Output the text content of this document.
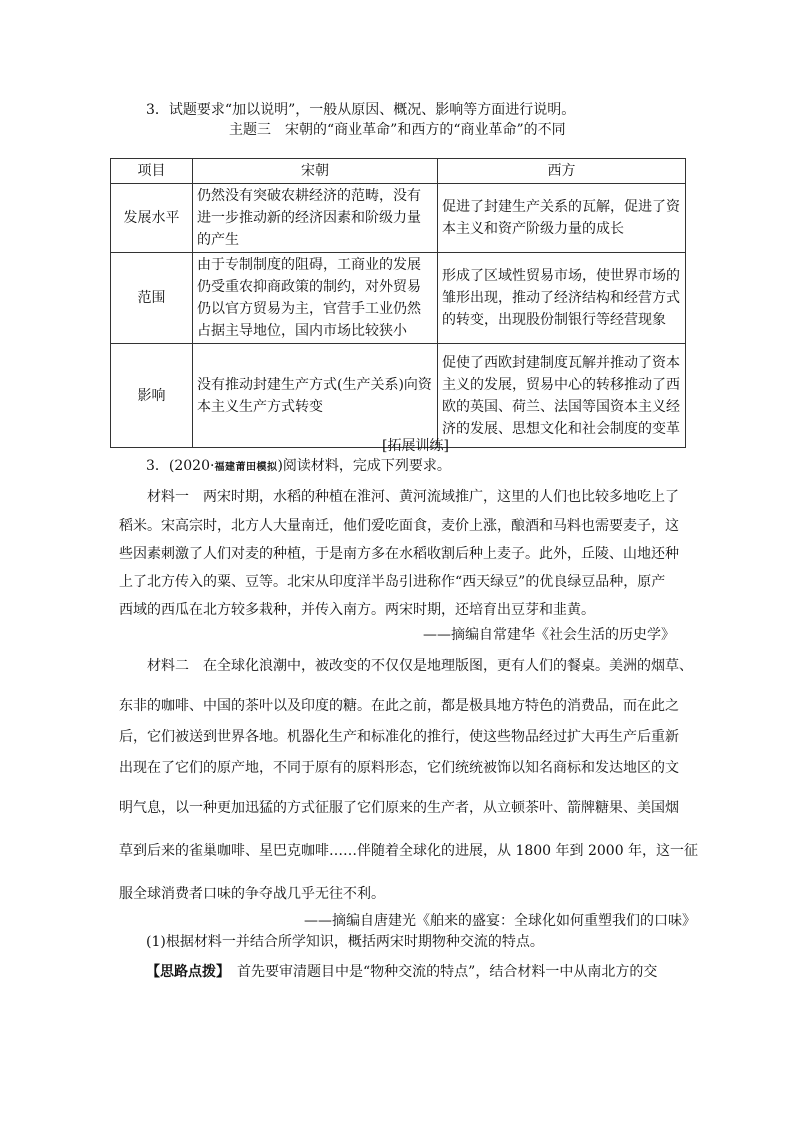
3．试题要求“加以说明”，一般从原因、概况、影响等方面进行说明。
主题三　宋朝的“商业革命”和西方的“商业革命”的不同
项目	宋朝	西方
发展水平	仍然没有突破农耕经济的范畴，没有进一步推动新的经济因素和阶级力量的产生	促进了封建生产关系的瓦解，促进了资本主义和资产阶级力量的成长
范围	由于专制制度的阻碍，工商业的发展仍受重农抑商政策的制约，对外贸易仍以官方贸易为主，官营手工业仍然占据主导地位，国内市场比较狭小	形成了区域性贸易市场，使世界市场的雏形出现，推动了经济结构和经营方式的转变，出现股份制银行等经营现象
影响	没有推动封建生产方式(生产关系)向资本主义生产方式转变	促使了西欧封建制度瓦解并推动了资本主义的发展，贸易中心的转移推动了西欧的英国、荷兰、法国等国资本主义经济的发展、思想文化和社会制度的变革
[拓展训练]
3．(2020·福建莆田模拟)阅读材料，完成下列要求。
材料一　两宋时期，水稻的种植在淮河、黄河流域推广，这里的人们也比较多地吃上了
稻米。宋高宗时，北方人大量南迁，他们爱吃面食，麦价上涨，酿酒和马料也需要麦子，这
些因素刺激了人们对麦的种植，于是南方多在水稻收割后种上麦子。此外，丘陵、山地还种
上了北方传入的粟、豆等。北宋从印度洋半岛引进称作“西天绿豆”的优良绿豆品种，原产
西域的西瓜在北方较多栽种，并传入南方。两宋时期，还培育出豆芽和韭黄。
——摘编自常建华《社会生活的历史学》
材料二　在全球化浪潮中，被改变的不仅仅是地理版图，更有人们的餐桌。美洲的烟草、
东非的咖啡、中国的茶叶以及印度的糖。在此之前，都是极具地方特色的消费品，而在此之
后，它们被送到世界各地。机器化生产和标准化的推行，使这些物品经过扩大再生产后重新
出现在了它们的原产地，不同于原有的原料形态，它们统统被饰以知名商标和发达地区的文
明气息，以一种更加迅猛的方式征服了它们原来的生产者，从立顿茶叶、箭牌糖果、美国烟
草到后来的雀巢咖啡、星巴克咖啡……伴随着全球化的进展，从 1800 年到 2000 年，这一征
服全球消费者口味的争夺战几乎无往不利。
——摘编自唐建光《舶来的盛宴：全球化如何重塑我们的口味》
(1)根据材料一并结合所学知识，概括两宋时期物种交流的特点。
【思路点拨】　首先要审清题目中是“物种交流的特点”，结合材料一中从南北方的交
